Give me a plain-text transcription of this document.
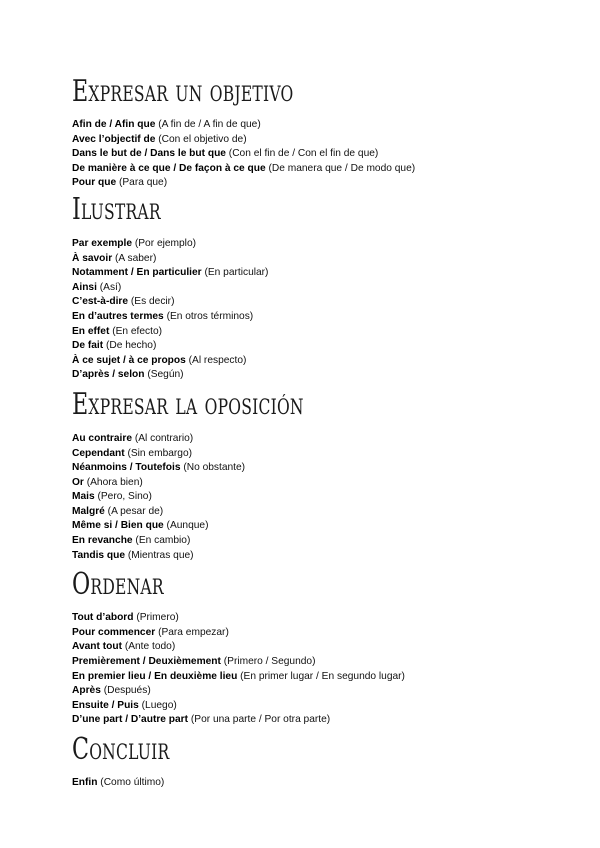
Expresar un objetivo
Afin de / Afin que (A fin de / A fin de que)
Avec l’objectif de (Con el objetivo de)
Dans le but de / Dans le but que (Con el fin de / Con el fin de que)
De manière à ce que / De façon à ce que (De manera que / De modo que)
Pour que (Para que)
Ilustrar
Par exemple (Por ejemplo)
À savoir (A saber)
Notamment / En particulier (En particular)
Ainsi (Así)
C’est-à-dire (Es decir)
En d’autres termes (En otros términos)
En effet (En efecto)
De fait (De hecho)
À ce sujet / à ce propos (Al respecto)
D’après / selon (Según)
Expresar la oposición
Au contraire (Al contrario)
Cependant (Sin embargo)
Néanmoins / Toutefois (No obstante)
Or (Ahora bien)
Mais (Pero, Sino)
Malgré (A pesar de)
Même si / Bien que (Aunque)
En revanche (En cambio)
Tandis que (Mientras que)
Ordenar
Tout d’abord (Primero)
Pour commencer (Para empezar)
Avant tout (Ante todo)
Premièrement / Deuxièmement (Primero / Segundo)
En premier lieu / En deuxième lieu (En primer lugar / En segundo lugar)
Après (Después)
Ensuite / Puis (Luego)
D’une part / D’autre part (Por una parte / Por otra parte)
Concluir
Enfin (Como último)
